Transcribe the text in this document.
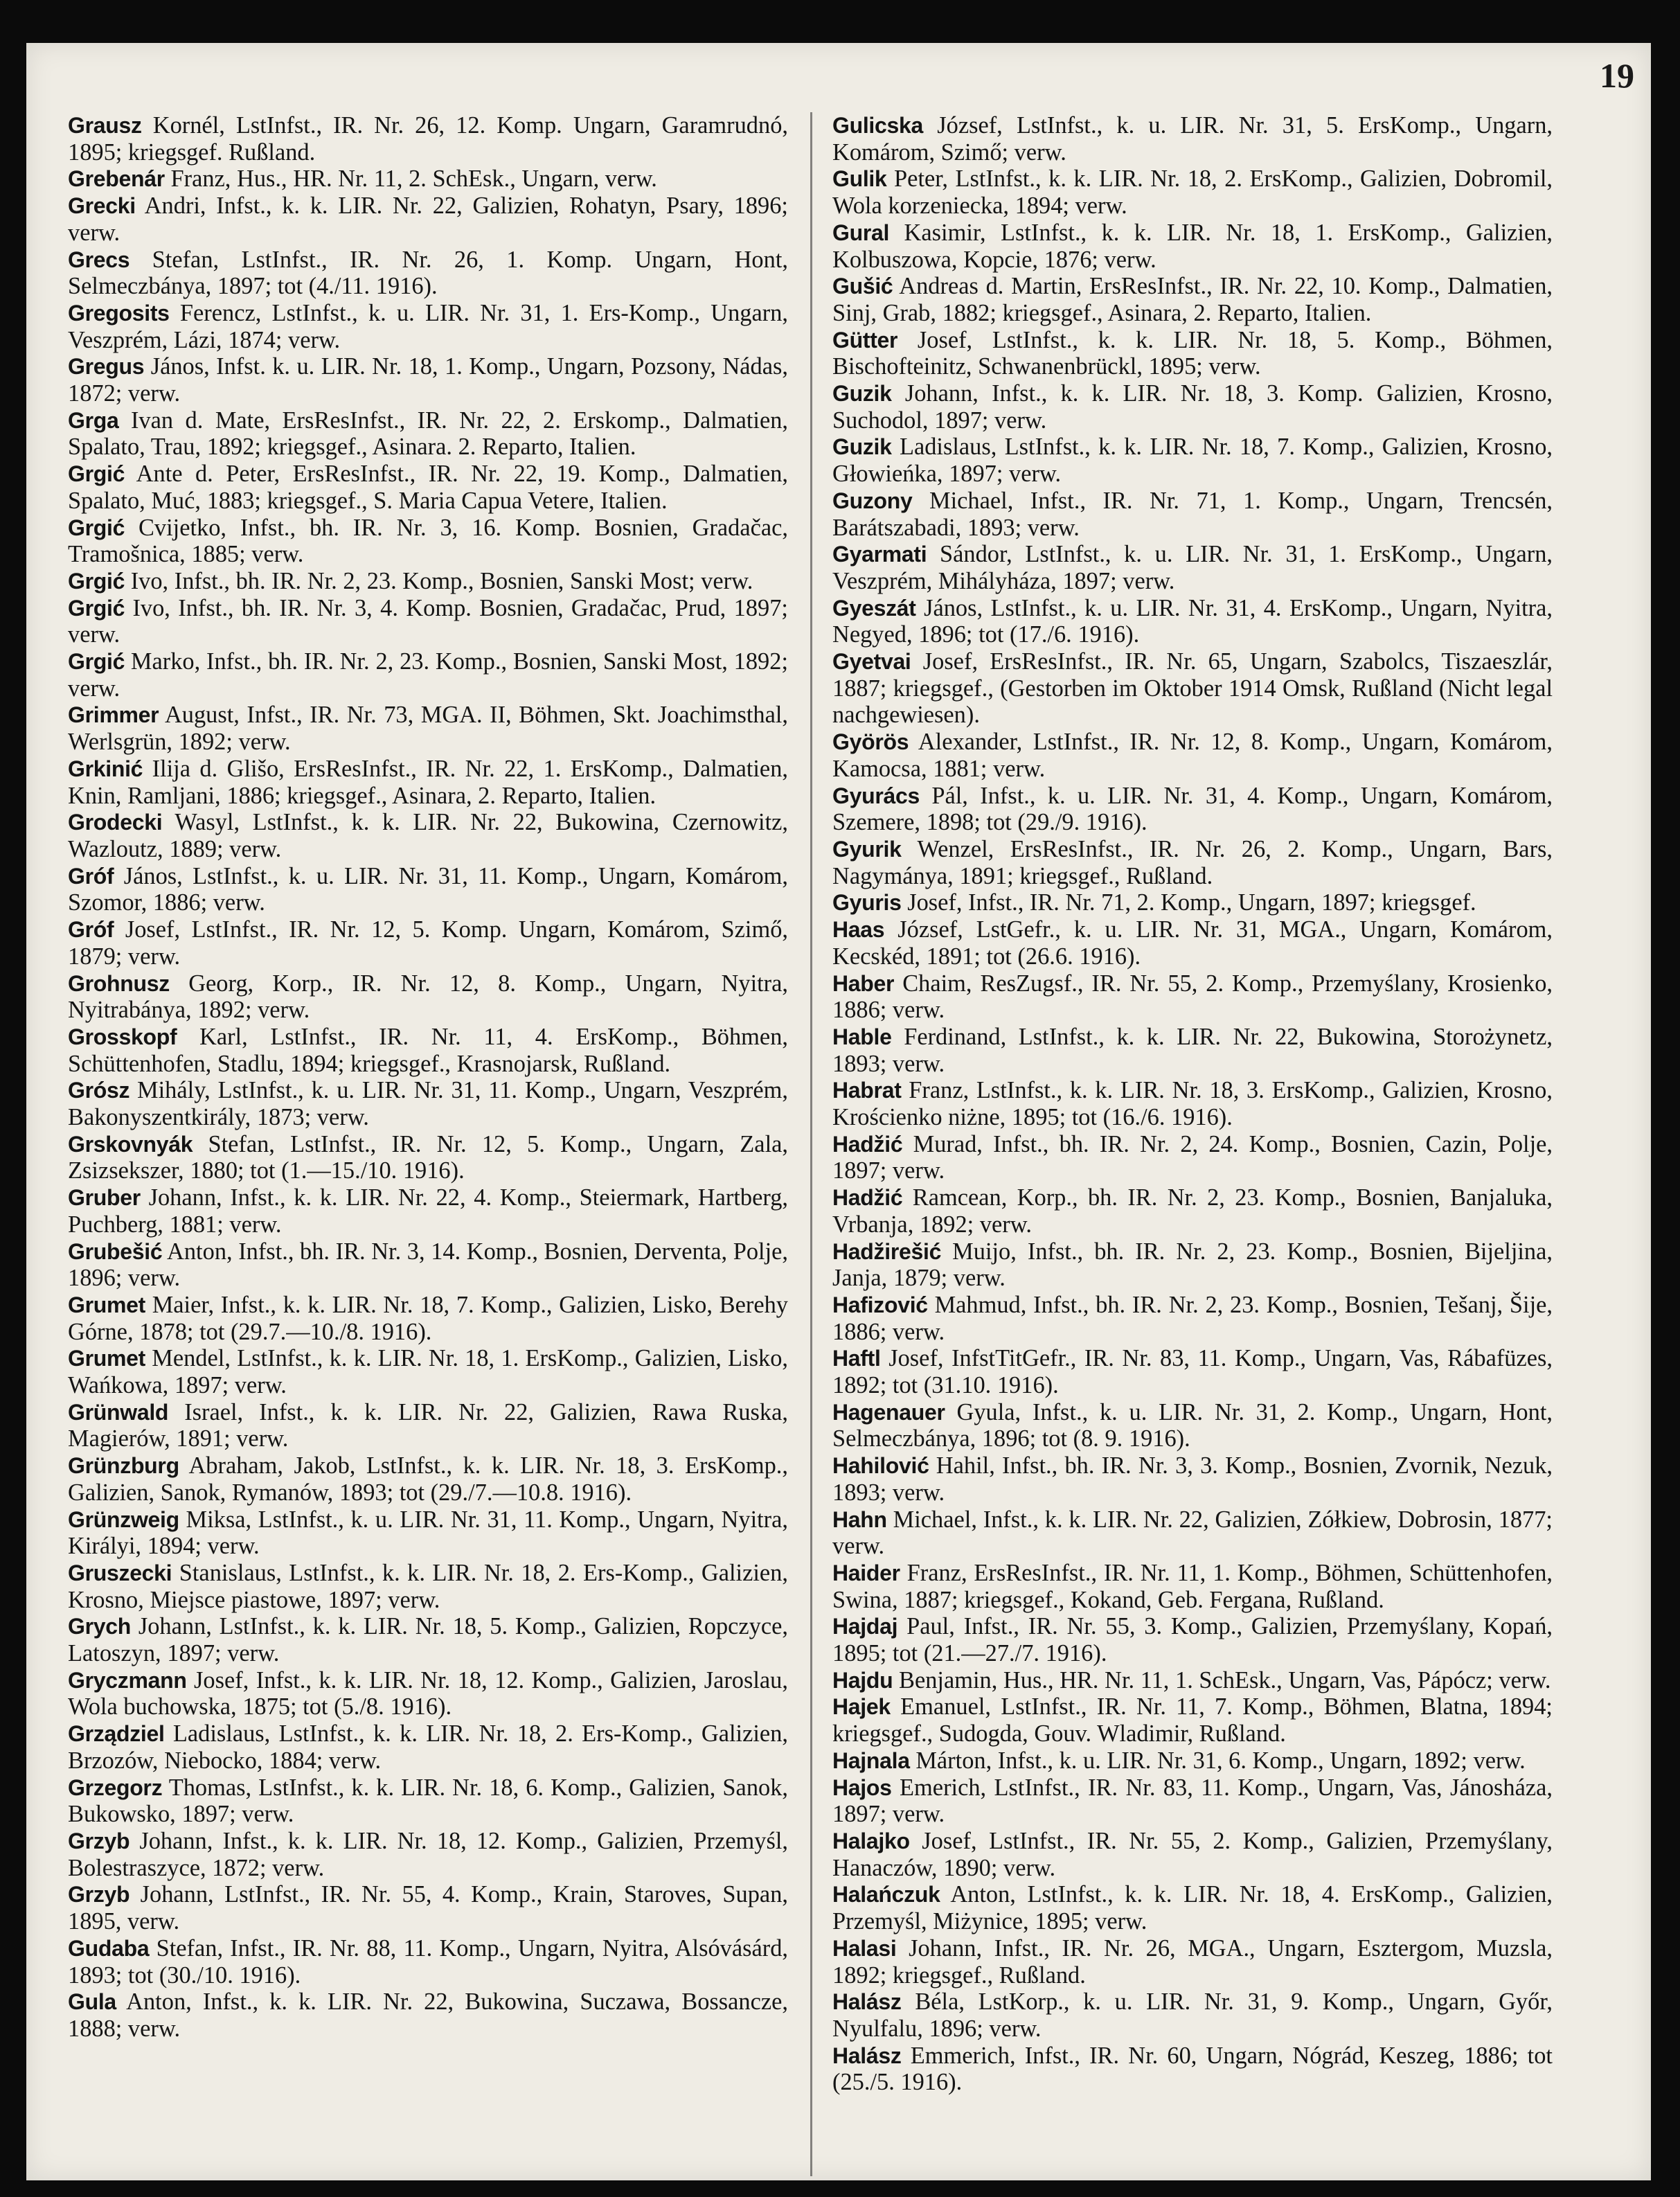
19

Grausz Kornél, LstInfst., IR. Nr. 26, 12. Komp. Ungarn, Garamrudnó, 1895; kriegsgef. Rußland.

Grebenár Franz, Hus., HR. Nr. 11, 2. SchEsk., Ungarn, verw.

Grecki Andri, Infst., k. k. LIR. Nr. 22, Galizien, Rohatyn, Psary, 1896; verw.

Grecs Stefan, LstInfst., IR. Nr. 26, 1. Komp. Ungarn, Hont, Selmeczbánya, 1897; tot (4./11. 1916).

Gregosits Ferencz, LstInfst., k. u. LIR. Nr. 31, 1. Ers-Komp., Ungarn, Veszprém, Lázi, 1874; verw.

Gregus János, Infst. k. u. LIR. Nr. 18, 1. Komp., Ungarn, Pozsony, Nádas, 1872; verw.

Grga Ivan d. Mate, ErsResInfst., IR. Nr. 22, 2. Erskomp., Dalmatien, Spalato, Trau, 1892; kriegsgef., Asinara. 2. Reparto, Italien.

Grgić Ante d. Peter, ErsResInfst., IR. Nr. 22, 19. Komp., Dalmatien, Spalato, Muć, 1883; kriegsgef., S. Maria Capua Vetere, Italien.

Grgić Cvijetko, Infst., bh. IR. Nr. 3, 16. Komp. Bosnien, Gradačac, Tramošnica, 1885; verw.

Grgić Ivo, Infst., bh. IR. Nr. 2, 23. Komp., Bosnien, Sanski Most; verw.

Grgić Ivo, Infst., bh. IR. Nr. 3, 4. Komp. Bosnien, Gradačac, Prud, 1897; verw.

Grgić Marko, Infst., bh. IR. Nr. 2, 23. Komp., Bosnien, Sanski Most, 1892; verw.

Grimmer August, Infst., IR. Nr. 73, MGA. II, Böhmen, Skt. Joachimsthal, Werlsgrün, 1892; verw.

Grkinić Ilija d. Glišo, ErsResInfst., IR. Nr. 22, 1. ErsKomp., Dalmatien, Knin, Ramljani, 1886; kriegsgef., Asinara, 2. Reparto, Italien.

Grodecki Wasyl, LstInfst., k. k. LIR. Nr. 22, Bukowina, Czernowitz, Wazloutz, 1889; verw.

Gróf János, LstInfst., k. u. LIR. Nr. 31, 11. Komp., Ungarn, Komárom, Szomor, 1886; verw.

Gróf Josef, LstInfst., IR. Nr. 12, 5. Komp. Ungarn, Komárom, Szimő, 1879; verw.

Grohnusz Georg, Korp., IR. Nr. 12, 8. Komp., Ungarn, Nyitra, Nyitrabánya, 1892; verw.

Grosskopf Karl, LstInfst., IR. Nr. 11, 4. ErsKomp., Böhmen, Schüttenhofen, Stadlu, 1894; kriegsgef., Krasnojarsk, Rußland.

Grósz Mihály, LstInfst., k. u. LIR. Nr. 31, 11. Komp., Ungarn, Veszprém, Bakonyszentkirály, 1873; verw.

Grskovnyák Stefan, LstInfst., IR. Nr. 12, 5. Komp., Ungarn, Zala, Zsizsekszer, 1880; tot (1.—15./10. 1916).

Gruber Johann, Infst., k. k. LIR. Nr. 22, 4. Komp., Steiermark, Hartberg, Puchberg, 1881; verw.

Grubešić Anton, Infst., bh. IR. Nr. 3, 14. Komp., Bosnien, Derventa, Polje, 1896; verw.

Grumet Maier, Infst., k. k. LIR. Nr. 18, 7. Komp., Galizien, Lisko, Berehy Górne, 1878; tot (29.7.—10./8. 1916).

Grumet Mendel, LstInfst., k. k. LIR. Nr. 18, 1. ErsKomp., Galizien, Lisko, Wańkowa, 1897; verw.

Grünwald Israel, Infst., k. k. LIR. Nr. 22, Galizien, Rawa Ruska, Magierów, 1891; verw.

Grünzburg Abraham, Jakob, LstInfst., k. k. LIR. Nr. 18, 3. ErsKomp., Galizien, Sanok, Rymanów, 1893; tot (29./7.—10.8. 1916).

Grünzweig Miksa, LstInfst., k. u. LIR. Nr. 31, 11. Komp., Ungarn, Nyitra, Királyi, 1894; verw.

Gruszecki Stanislaus, LstInfst., k. k. LIR. Nr. 18, 2. Ers-Komp., Galizien, Krosno, Miejsce piastowe, 1897; verw.

Grych Johann, LstInfst., k. k. LIR. Nr. 18, 5. Komp., Galizien, Ropczyce, Latoszyn, 1897; verw.

Gryczmann Josef, Infst., k. k. LIR. Nr. 18, 12. Komp., Galizien, Jaroslau, Wola buchowska, 1875; tot (5./8. 1916).

Grządziel Ladislaus, LstInfst., k. k. LIR. Nr. 18, 2. Ers-Komp., Galizien, Brzozów, Niebocko, 1884; verw.

Grzegorz Thomas, LstInfst., k. k. LIR. Nr. 18, 6. Komp., Galizien, Sanok, Bukowsko, 1897; verw.

Grzyb Johann, Infst., k. k. LIR. Nr. 18, 12. Komp., Galizien, Przemyśl, Bolestraszyce, 1872; verw.

Grzyb Johann, LstInfst., IR. Nr. 55, 4. Komp., Krain, Staroves, Supan, 1895, verw.

Gudaba Stefan, Infst., IR. Nr. 88, 11. Komp., Ungarn, Nyitra, Alsóvásárd, 1893; tot (30./10. 1916).

Gula Anton, Infst., k. k. LIR. Nr. 22, Bukowina, Suczawa, Bossancze, 1888; verw.

Gulicska József, LstInfst., k. u. LIR. Nr. 31, 5. ErsKomp., Ungarn, Komárom, Szimő; verw.

Gulik Peter, LstInfst., k. k. LIR. Nr. 18, 2. ErsKomp., Galizien, Dobromil, Wola korzeniecka, 1894; verw.

Gural Kasimir, LstInfst., k. k. LIR. Nr. 18, 1. ErsKomp., Galizien, Kolbuszowa, Kopcie, 1876; verw.

Gušić Andreas d. Martin, ErsResInfst., IR. Nr. 22, 10. Komp., Dalmatien, Sinj, Grab, 1882; kriegsgef., Asinara, 2. Reparto, Italien.

Gütter Josef, LstInfst., k. k. LIR. Nr. 18, 5. Komp., Böhmen, Bischofteinitz, Schwanenbrückl, 1895; verw.

Guzik Johann, Infst., k. k. LIR. Nr. 18, 3. Komp. Galizien, Krosno, Suchodol, 1897; verw.

Guzik Ladislaus, LstInfst., k. k. LIR. Nr. 18, 7. Komp., Galizien, Krosno, Głowieńka, 1897; verw.

Guzony Michael, Infst., IR. Nr. 71, 1. Komp., Ungarn, Trencsén, Barátszabadi, 1893; verw.

Gyarmati Sándor, LstInfst., k. u. LIR. Nr. 31, 1. ErsKomp., Ungarn, Veszprém, Mihályháza, 1897; verw.

Gyeszát János, LstInfst., k. u. LIR. Nr. 31, 4. ErsKomp., Ungarn, Nyitra, Negyed, 1896; tot (17./6. 1916).

Gyetvai Josef, ErsResInfst., IR. Nr. 65, Ungarn, Szabolcs, Tiszaeszlár, 1887; kriegsgef., (Gestorben im Oktober 1914 Omsk, Rußland (Nicht legal nachgewiesen).

Györös Alexander, LstInfst., IR. Nr. 12, 8. Komp., Ungarn, Komárom, Kamocsa, 1881; verw.

Gyurács Pál, Infst., k. u. LIR. Nr. 31, 4. Komp., Ungarn, Komárom, Szemere, 1898; tot (29./9. 1916).

Gyurik Wenzel, ErsResInfst., IR. Nr. 26, 2. Komp., Ungarn, Bars, Nagymánya, 1891; kriegsgef., Rußland.

Gyuris Josef, Infst., IR. Nr. 71, 2. Komp., Ungarn, 1897; kriegsgef.

Haas József, LstGefr., k. u. LIR. Nr. 31, MGA., Ungarn, Komárom, Kecskéd, 1891; tot (26.6. 1916).

Haber Chaim, ResZugsf., IR. Nr. 55, 2. Komp., Przemyślany, Krosienko, 1886; verw.

Hable Ferdinand, LstInfst., k. k. LIR. Nr. 22, Bukowina, Storożynetz, 1893; verw.

Habrat Franz, LstInfst., k. k. LIR. Nr. 18, 3. ErsKomp., Galizien, Krosno, Krościenko niżne, 1895; tot (16./6. 1916).

Hadžić Murad, Infst., bh. IR. Nr. 2, 24. Komp., Bosnien, Cazin, Polje, 1897; verw.

Hadžić Ramcean, Korp., bh. IR. Nr. 2, 23. Komp., Bosnien, Banjaluka, Vrbanja, 1892; verw.

Hadžirešić Muijo, Infst., bh. IR. Nr. 2, 23. Komp., Bosnien, Bijeljina, Janja, 1879; verw.

Hafizović Mahmud, Infst., bh. IR. Nr. 2, 23. Komp., Bosnien, Tešanj, Šije, 1886; verw.

Haftl Josef, InfstTitGefr., IR. Nr. 83, 11. Komp., Ungarn, Vas, Rábafüzes, 1892; tot (31.10. 1916).

Hagenauer Gyula, Infst., k. u. LIR. Nr. 31, 2. Komp., Ungarn, Hont, Selmeczbánya, 1896; tot (8. 9. 1916).

Hahilović Hahil, Infst., bh. IR. Nr. 3, 3. Komp., Bosnien, Zvornik, Nezuk, 1893; verw.

Hahn Michael, Infst., k. k. LIR. Nr. 22, Galizien, Zółkiew, Dobrosin, 1877; verw.

Haider Franz, ErsResInfst., IR. Nr. 11, 1. Komp., Böhmen, Schüttenhofen, Swina, 1887; kriegsgef., Kokand, Geb. Fergana, Rußland.

Hajdaj Paul, Infst., IR. Nr. 55, 3. Komp., Galizien, Przemyślany, Kopań, 1895; tot (21.—27./7. 1916).

Hajdu Benjamin, Hus., HR. Nr. 11, 1. SchEsk., Ungarn, Vas, Pápócz; verw.

Hajek Emanuel, LstInfst., IR. Nr. 11, 7. Komp., Böhmen, Blatna, 1894; kriegsgef., Sudogda, Gouv. Wladimir, Rußland.

Hajnala Márton, Infst., k. u. LIR. Nr. 31, 6. Komp., Ungarn, 1892; verw.

Hajos Emerich, LstInfst., IR. Nr. 83, 11. Komp., Ungarn, Vas, Jánosháza, 1897; verw.

Halajko Josef, LstInfst., IR. Nr. 55, 2. Komp., Galizien, Przemyślany, Hanaczów, 1890; verw.

Halańczuk Anton, LstInfst., k. k. LIR. Nr. 18, 4. ErsKomp., Galizien, Przemyśl, Miżynice, 1895; verw.

Halasi Johann, Infst., IR. Nr. 26, MGA., Ungarn, Esztergom, Muzsla, 1892; kriegsgef., Rußland.

Halász Béla, LstKorp., k. u. LIR. Nr. 31, 9. Komp., Ungarn, Győr, Nyulfalu, 1896; verw.

Halász Emmerich, Infst., IR. Nr. 60, Ungarn, Nógrád, Keszeg, 1886; tot (25./5. 1916).
